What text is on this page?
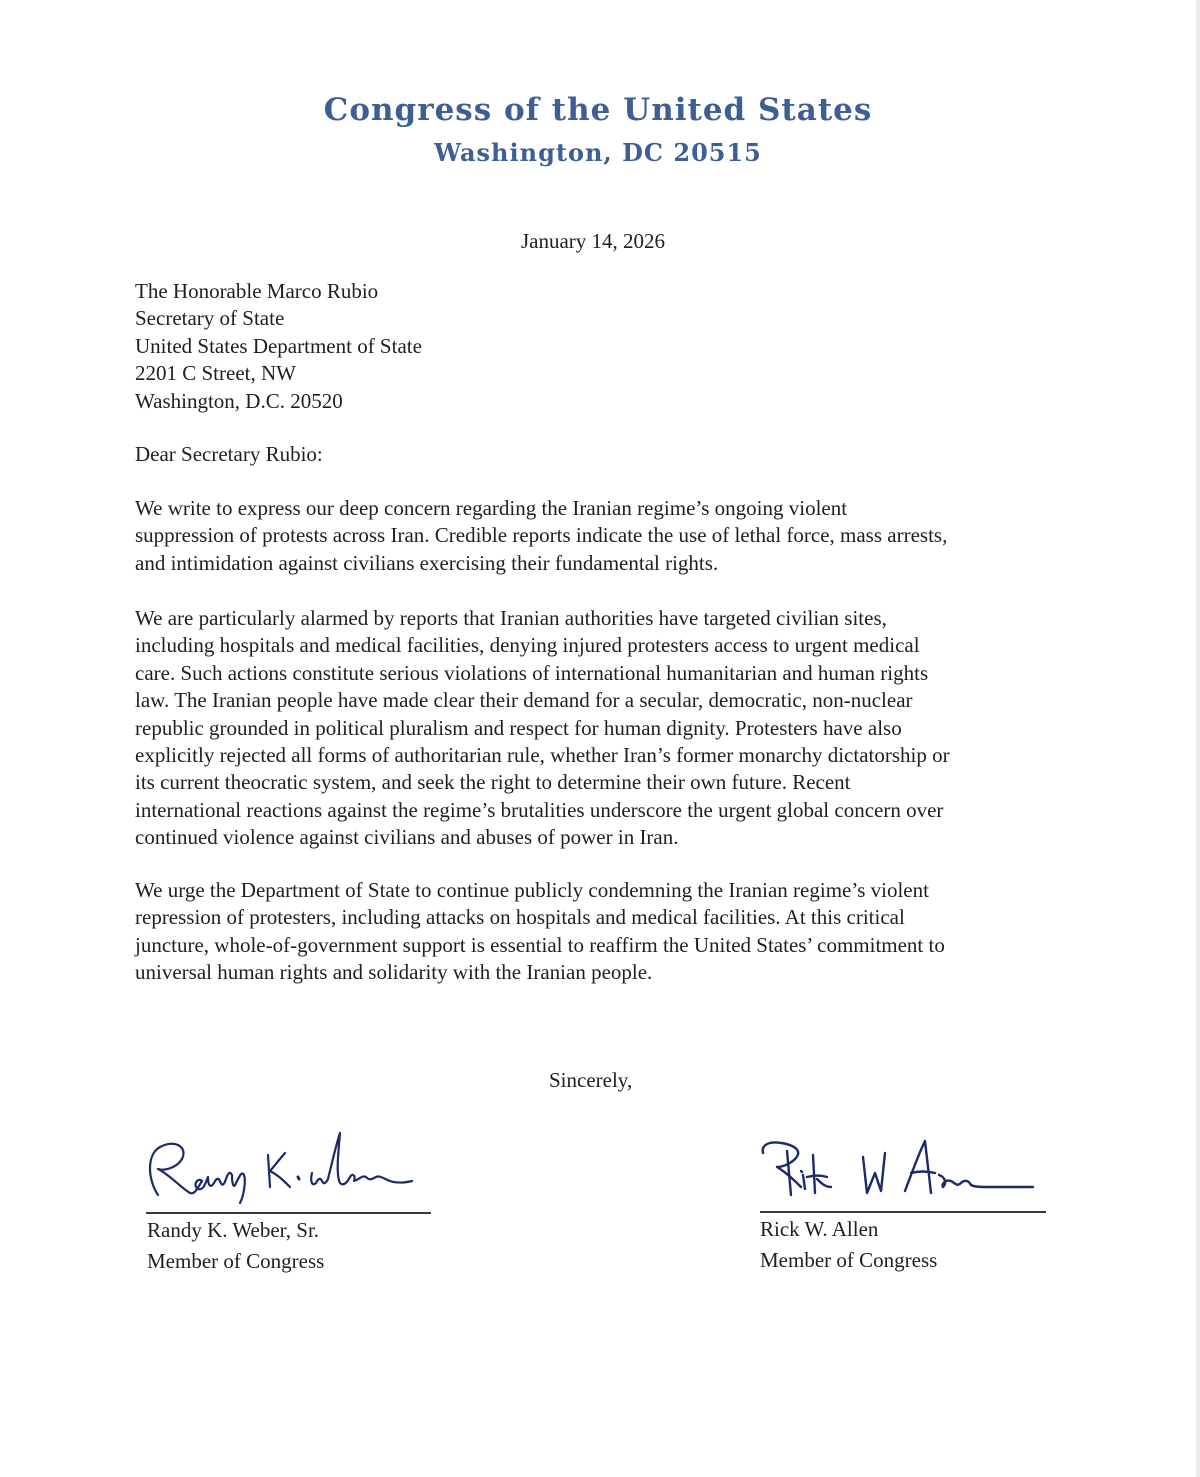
Congress of the United States
Washington, DC 20515
January 14, 2026
The Honorable Marco Rubio
Secretary of State
United States Department of State
2201 C Street, NW
Washington, D.C. 20520
Dear Secretary Rubio:
We write to express our deep concern regarding the Iranian regime’s ongoing violent
suppression of protests across Iran. Credible reports indicate the use of lethal force, mass arrests,
and intimidation against civilians exercising their fundamental rights.
We are particularly alarmed by reports that Iranian authorities have targeted civilian sites,
including hospitals and medical facilities, denying injured protesters access to urgent medical
care. Such actions constitute serious violations of international humanitarian and human rights
law. The Iranian people have made clear their demand for a secular, democratic, non-nuclear
republic grounded in political pluralism and respect for human dignity. Protesters have also
explicitly rejected all forms of authoritarian rule, whether Iran’s former monarchy dictatorship or
its current theocratic system, and seek the right to determine their own future. Recent
international reactions against the regime’s brutalities underscore the urgent global concern over
continued violence against civilians and abuses of power in Iran.
We urge the Department of State to continue publicly condemning the Iranian regime’s violent
repression of protesters, including attacks on hospitals and medical facilities. At this critical
juncture, whole-of-government support is essential to reaffirm the United States’ commitment to
universal human rights and solidarity with the Iranian people.
Sincerely,
Randy K. Weber, Sr.
Member of Congress
Rick W. Allen
Member of Congress
